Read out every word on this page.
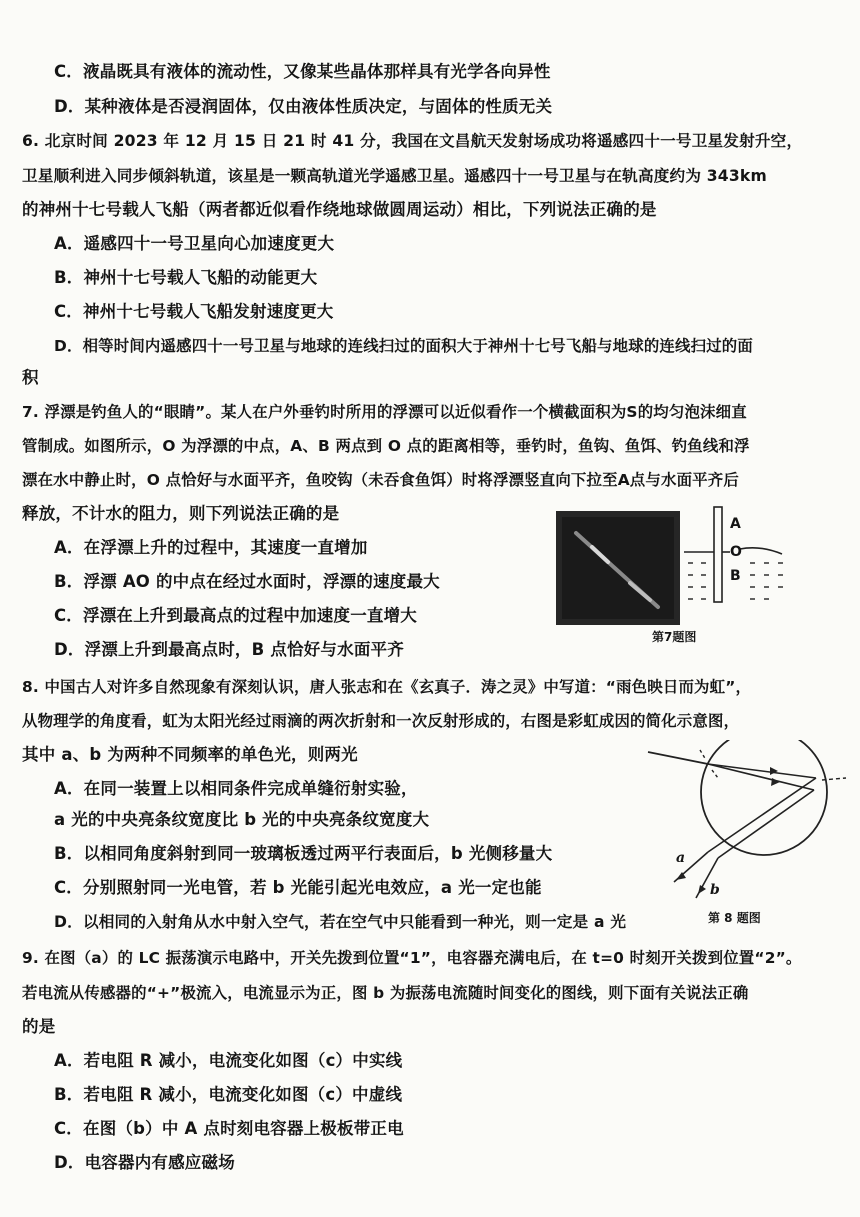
C．液晶既具有液体的流动性，又像某些晶体那样具有光学各向异性
D．某种液体是否浸润固体，仅由液体性质决定，与固体的性质无关
6. 北京时间 2023 年 12 月 15 日 21 时 41 分，我国在文昌航天发射场成功将遥感四十一号卫星发射升空，
卫星顺利进入同步倾斜轨道，该星是一颗高轨道光学遥感卫星。遥感四十一号卫星与在轨高度约为 343km
的神州十七号载人飞船（两者都近似看作绕地球做圆周运动）相比，下列说法正确的是
A．遥感四十一号卫星向心加速度更大
B．神州十七号载人飞船的动能更大
C．神州十七号载人飞船发射速度更大
D．相等时间内遥感四十一号卫星与地球的连线扫过的面积大于神州十七号飞船与地球的连线扫过的面
积
7. 浮漂是钓鱼人的“眼睛”。某人在户外垂钓时所用的浮漂可以近似看作一个横截面积为S的均匀泡沫细直
管制成。如图所示，O 为浮漂的中点，A、B 两点到 O 点的距离相等，垂钓时，鱼钩、鱼饵、钓鱼线和浮
漂在水中静止时，O 点恰好与水面平齐，鱼咬钩（未吞食鱼饵）时将浮漂竖直向下拉至A点与水面平齐后
释放，不计水的阻力，则下列说法正确的是
A．在浮漂上升的过程中，其速度一直增加
B．浮漂 AO 的中点在经过水面时，浮漂的速度最大
C．浮漂在上升到最高点的过程中加速度一直增大
D．浮漂上升到最高点时，B 点恰好与水面平齐
A
O
B
第7题图
8. 中国古人对许多自然现象有深刻认识，唐人张志和在《玄真子．涛之灵》中写道：“雨色映日而为虹”，
从物理学的角度看，虹为太阳光经过雨滴的两次折射和一次反射形成的，右图是彩虹成因的简化示意图，
其中 a、b 为两种不同频率的单色光，则两光
A．在同一装置上以相同条件完成单缝衍射实验，
a 光的中央亮条纹宽度比 b 光的中央亮条纹宽度大
B．以相同角度斜射到同一玻璃板透过两平行表面后，b 光侧移量大
C．分别照射同一光电管，若 b 光能引起光电效应，a 光一定也能
D．以相同的入射角从水中射入空气，若在空气中只能看到一种光，则一定是 a 光
a
b
第 8 题图
9. 在图（a）的 LC 振荡演示电路中，开关先拨到位置“1”，电容器充满电后，在 t=0 时刻开关拨到位置“2”。
若电流从传感器的“+”极流入，电流显示为正，图 b 为振荡电流随时间变化的图线，则下面有关说法正确
的是
A．若电阻 R 减小，电流变化如图（c）中实线
B．若电阻 R 减小，电流变化如图（c）中虚线
C．在图（b）中 A 点时刻电容器上极板带正电
D．电容器内有感应磁场
